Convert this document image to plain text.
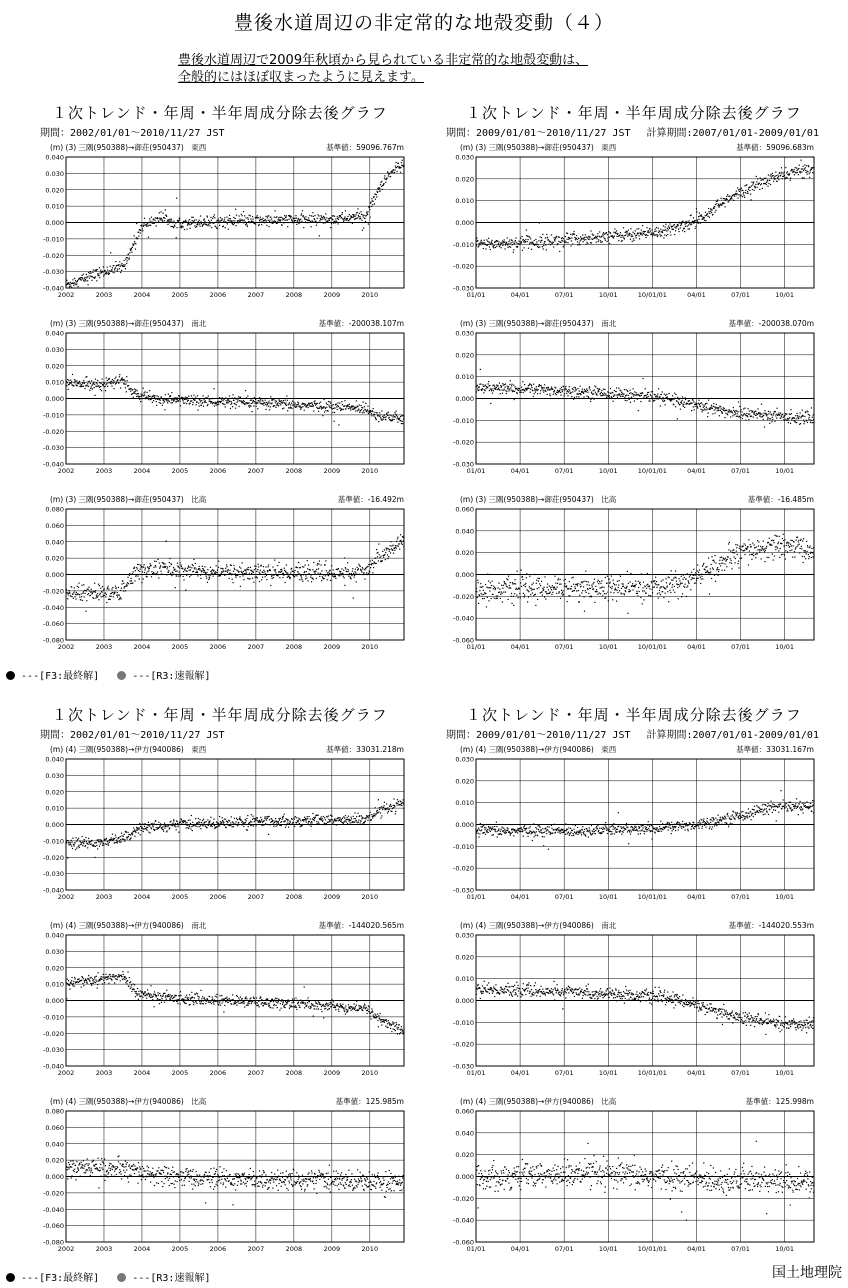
豊後水道周辺の非定常的な地殻変動（４）
豊後水道周辺で2009年秋頃から見られている非定常的な地殻変動は、
全般的にはほぼ収まったように見えます。
１次トレンド・年周・半年周成分除去後グラフ
期間：2002/01/01～2010/11/27 JST
１次トレンド・年周・半年周成分除去後グラフ
期間：2009/01/01～2010/11/27 JST　 計算期間:2007/01/01-2009/01/01
１次トレンド・年周・半年周成分除去後グラフ
期間：2002/01/01～2010/11/27 JST
１次トレンド・年周・半年周成分除去後グラフ
期間：2009/01/01～2010/11/27 JST　 計算期間:2007/01/01-2009/01/01
(m) (3) 三隅(950388)→御荘(950437)　東西	基準値：59096.767m
0.040
0.030
0.020
0.010
0.000
-0.010
-0.020
-0.030
-0.040
2002	2003	2004	2005	2006	2007	2008	2009	2010
(m) (3) 三隅(950388)→御荘(950437)　東西	基準値：59096.683m
0.030
0.020
0.010
0.000
-0.010
-0.020
-0.030
01/01	04/01	07/01	10/01	10/01/01	04/01	07/01	10/01
(m) (3) 三隅(950388)→御荘(950437)　南北	基準値：-200038.107m
0.040
0.030
0.020
0.010
0.000
-0.010
-0.020
-0.030
-0.040
2002	2003	2004	2005	2006	2007	2008	2009	2010
(m) (3) 三隅(950388)→御荘(950437)　南北	基準値：-200038.070m
0.030
0.020
0.010
0.000
-0.010
-0.020
-0.030
01/01	04/01	07/01	10/01	10/01/01	04/01	07/01	10/01
(m) (3) 三隅(950388)→御荘(950437)　比高	基準値：-16.492m
0.080
0.060
0.040
0.020
0.000
-0.020
-0.040
-0.060
-0.080
2002	2003	2004	2005	2006	2007	2008	2009	2010
(m) (3) 三隅(950388)→御荘(950437)　比高	基準値：-16.485m
0.060
0.040
0.020
0.000
-0.020
-0.040
-0.060
01/01	04/01	07/01	10/01	10/01/01	04/01	07/01	10/01
(m) (4) 三隅(950388)→伊方(940086)　東西	基準値：33031.218m
0.040
0.030
0.020
0.010
0.000
-0.010
-0.020
-0.030
-0.040
2002	2003	2004	2005	2006	2007	2008	2009	2010
(m) (4) 三隅(950388)→伊方(940086)　東西	基準値：33031.167m
0.030
0.020
0.010
0.000
-0.010
-0.020
-0.030
01/01	04/01	07/01	10/01	10/01/01	04/01	07/01	10/01
(m) (4) 三隅(950388)→伊方(940086)　南北	基準値：-144020.565m
0.040
0.030
0.020
0.010
0.000
-0.010
-0.020
-0.030
-0.040
2002	2003	2004	2005	2006	2007	2008	2009	2010
(m) (4) 三隅(950388)→伊方(940086)　南北	基準値：-144020.553m
0.030
0.020
0.010
0.000
-0.010
-0.020
-0.030
01/01	04/01	07/01	10/01	10/01/01	04/01	07/01	10/01
(m) (4) 三隅(950388)→伊方(940086)　比高	基準値：125.985m
0.080
0.060
0.040
0.020
0.000
-0.020
-0.040
-0.060
-0.080
2002	2003	2004	2005	2006	2007	2008	2009	2010
(m) (4) 三隅(950388)→伊方(940086)　比高	基準値：125.998m
0.060
0.040
0.020
0.000
-0.020
-0.040
-0.060
01/01	04/01	07/01	10/01	10/01/01	04/01	07/01	10/01
---[F3:最終解]	---[R3:速報解]
---[F3:最終解]	---[R3:速報解]	国土地理院
